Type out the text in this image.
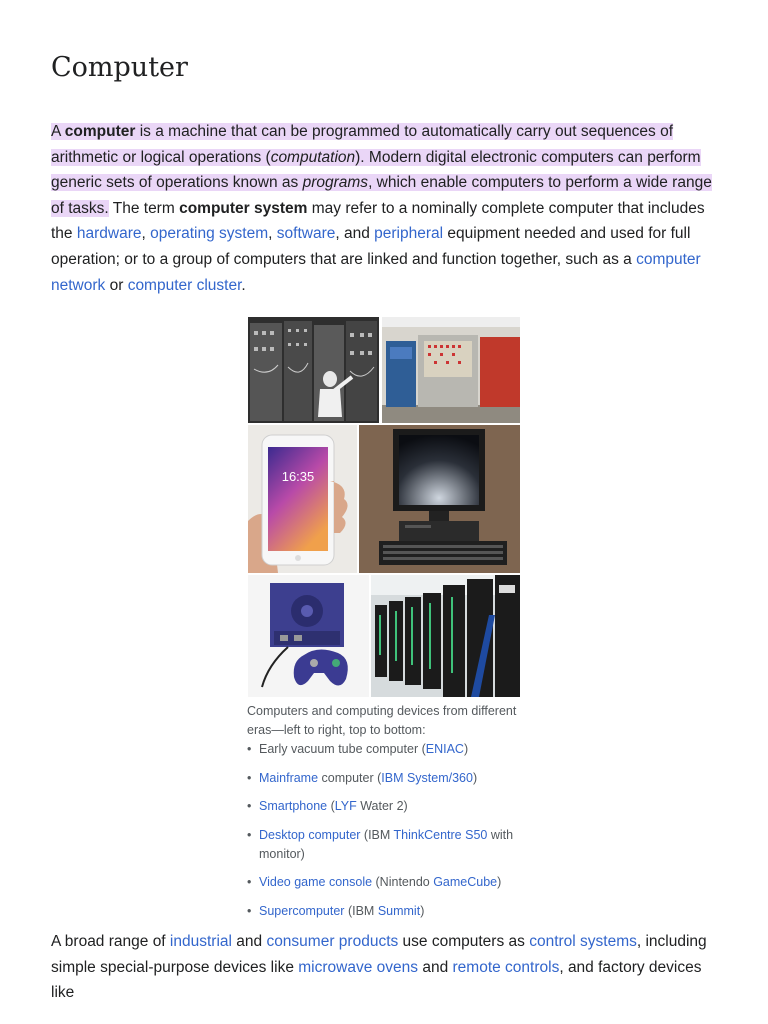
Computer

A computer is a machine that can be programmed to automatically carry out sequences of arithmetic or logical operations (computation). Modern digital electronic computers can perform generic sets of operations known as programs, which enable computers to perform a wide range of tasks. The term computer system may refer to a nominally complete computer that includes the hardware, operating system, software, and peripheral equipment needed and used for full operation; or to a group of computers that are linked and function together, such as a computer network or computer cluster.

16:35

Computers and computing devices from different eras—left to right, top to bottom:

• Early vacuum tube computer (ENIAC)
• Mainframe computer (IBM System/360)
• Smartphone (LYF Water 2)
• Desktop computer (IBM ThinkCentre S50 with monitor)
• Video game console (Nintendo GameCube)
• Supercomputer (IBM Summit)

A broad range of industrial and consumer products use computers as control systems, including simple special-purpose devices like microwave ovens and remote controls, and factory devices like
